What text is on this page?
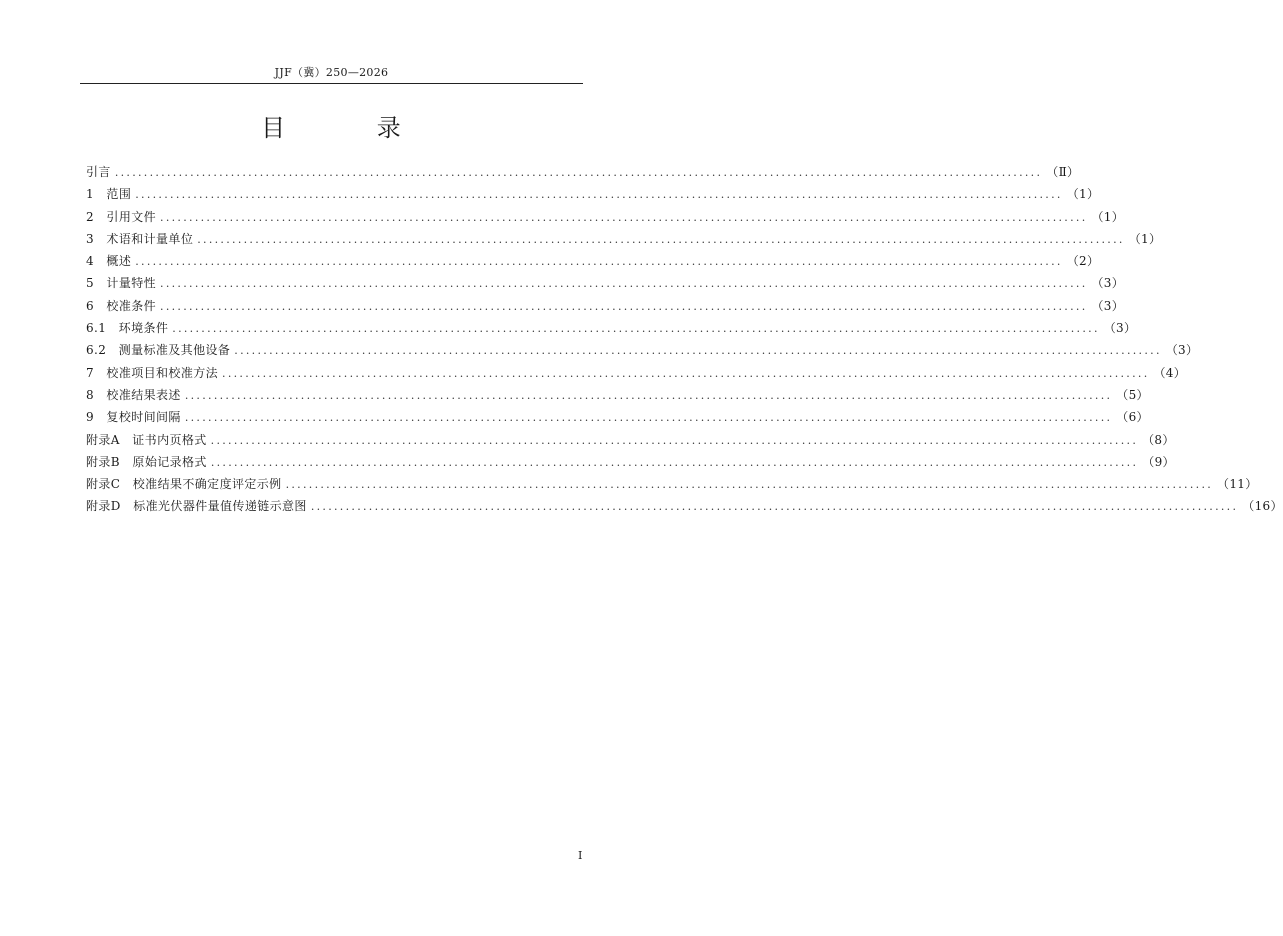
JJF（冀）250—2026
目 录
引言 ................................................................................................................................................................ （Ⅱ）
1　范围 ................................................................................................................................................................ （1）
2　引用文件 ................................................................................................................................................................ （1）
3　术语和计量单位 ................................................................................................................................................................ （1）
4　概述 ................................................................................................................................................................ （2）
5　计量特性 ................................................................................................................................................................ （3）
6　校准条件 ................................................................................................................................................................ （3）
6.1　环境条件 ................................................................................................................................................................ （3）
6.2　测量标准及其他设备 ................................................................................................................................................................ （3）
7　校准项目和校准方法 ................................................................................................................................................................ （4）
8　校准结果表述 ................................................................................................................................................................ （5）
9　复校时间间隔 ................................................................................................................................................................ （6）
附录A　证书内页格式 ................................................................................................................................................................ （8）
附录B　原始记录格式 ................................................................................................................................................................ （9）
附录C　校准结果不确定度评定示例 ................................................................................................................................................................ （11）
附录D　标准光伏器件量值传递链示意图 ................................................................................................................................................................ （16）
I
